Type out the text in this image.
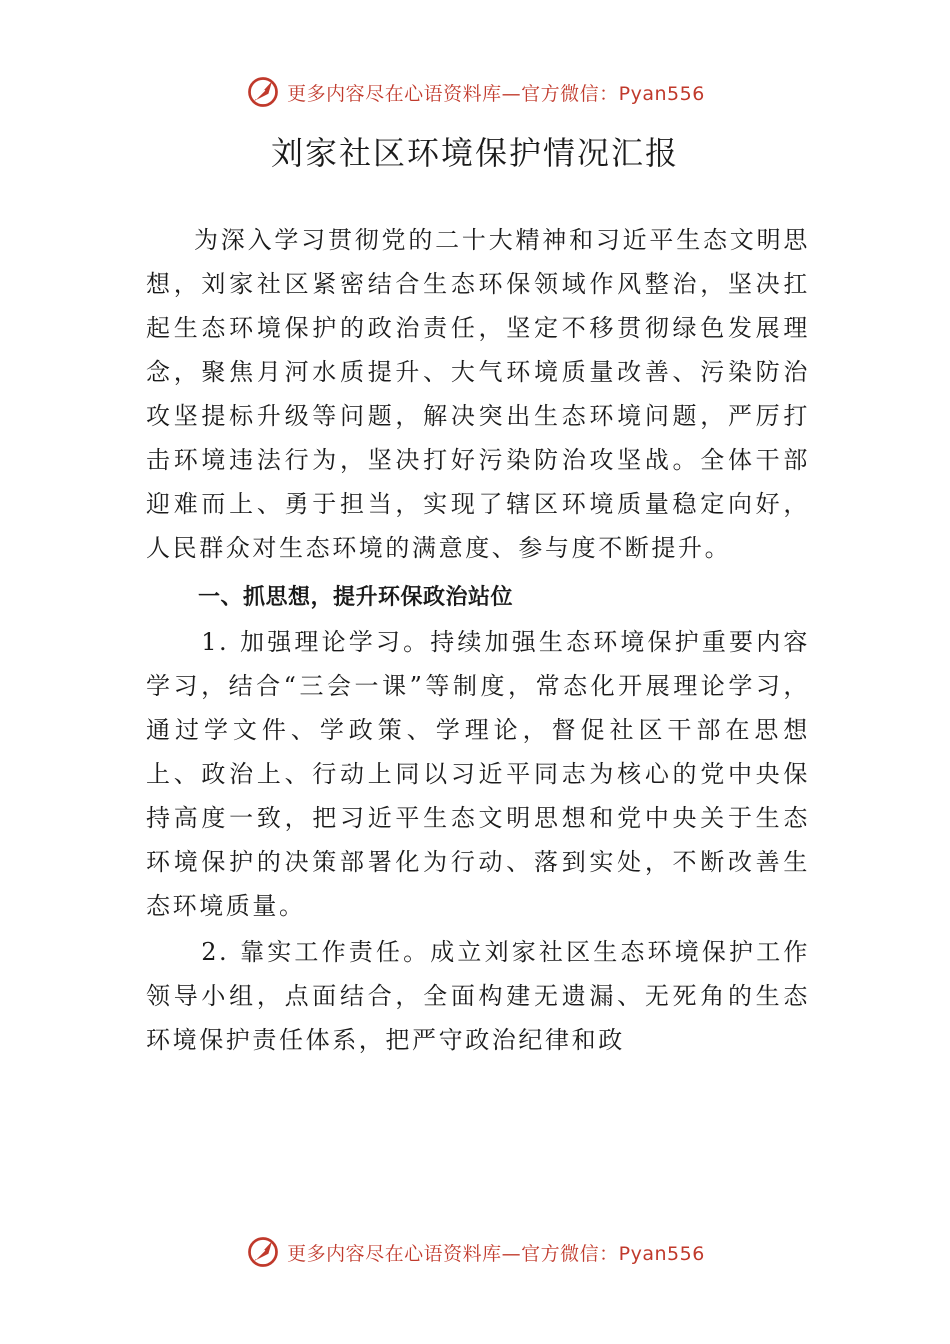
更多内容尽在心语资料库—官方微信：Pyan556
刘家社区环境保护情况汇报

为深入学习贯彻党的二十大精神和习近平生态文明思想，刘家社区紧密结合生态环保领域作风整治，坚决扛起生态环境保护的政治责任，坚定不移贯彻绿色发展理念，聚焦月河水质提升、大气环境质量改善、污染防治攻坚提标升级等问题，解决突出生态环境问题，严厉打击环境违法行为，坚决打好污染防治攻坚战。全体干部迎难而上、勇于担当，实现了辖区环境质量稳定向好，人民群众对生态环境的满意度、参与度不断提升。

一、抓思想，提升环保政治站位

1. 加强理论学习。持续加强生态环境保护重要内容学习，结合“三会一课”等制度，常态化开展理论学习，通过学文件、学政策、学理论，督促社区干部在思想上、政治上、行动上同以习近平同志为核心的党中央保持高度一致，把习近平生态文明思想和党中央关于生态环境保护的决策部署化为行动、落到实处，不断改善生态环境质量。

2. 靠实工作责任。成立刘家社区生态环境保护工作领导小组，点面结合，全面构建无遗漏、无死角的生态环境保护责任体系，把严守政治纪律和政

更多内容尽在心语资料库—官方微信：Pyan556
